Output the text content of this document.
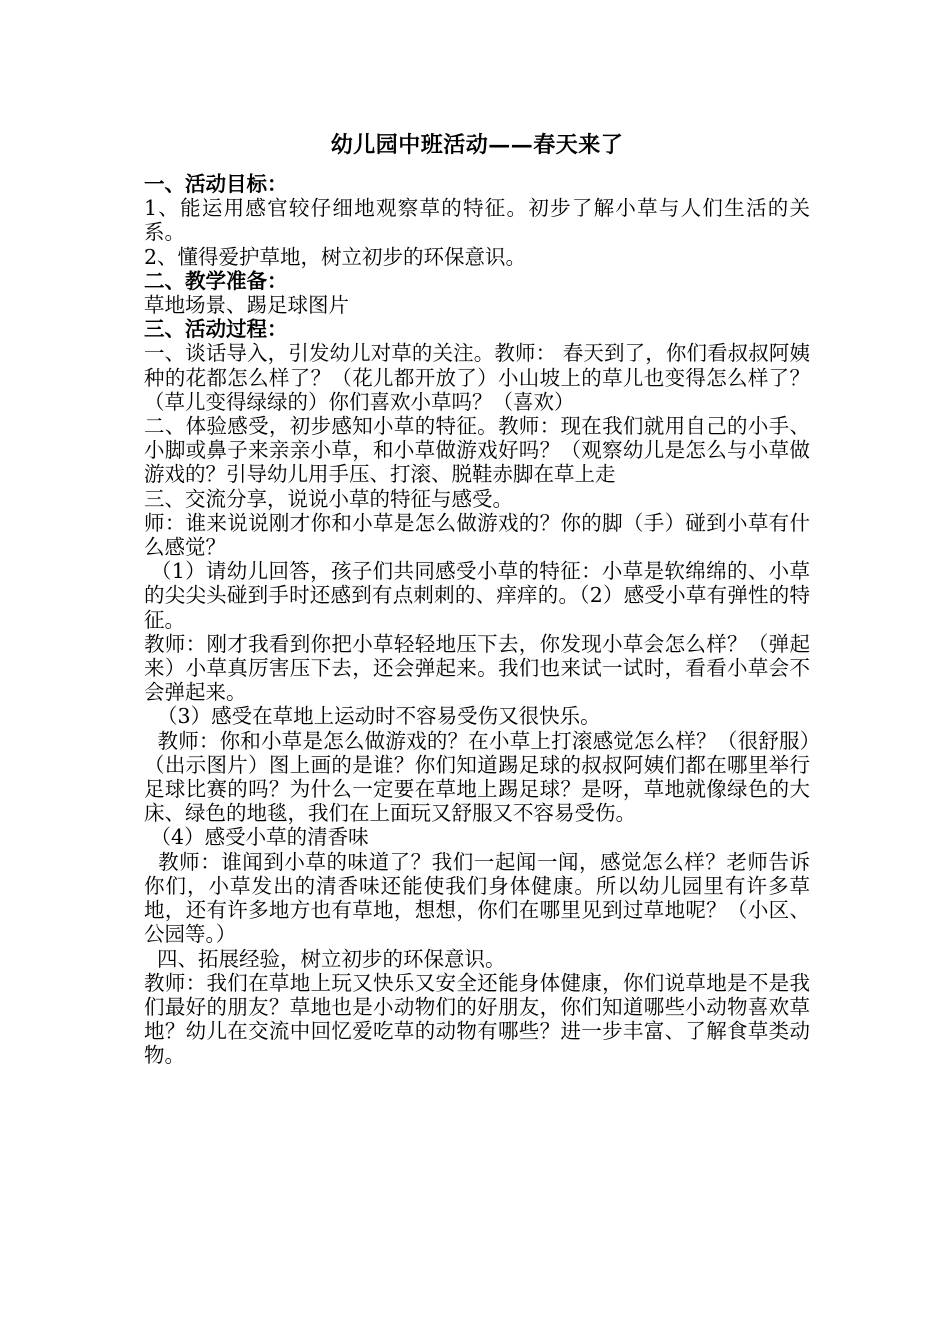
幼儿园中班活动——春天来了
一、活动目标：
1、能运用感官较仔细地观察草的特征。初步了解小草与人们生活的关系。
2、懂得爱护草地，树立初步的环保意识。
二、教学准备：
草地场景、踢足球图片
三、活动过程：
一、谈话导入，引发幼儿对草的关注。教师： 春天到了，你们看叔叔阿姨种的花都怎么样了？（花儿都开放了）小山坡上的草儿也变得怎么样了？（草儿变得绿绿的）你们喜欢小草吗？（喜欢）
二、体验感受，初步感知小草的特征。教师：现在我们就用自己的小手、小脚或鼻子来亲亲小草，和小草做游戏好吗？（观察幼儿是怎么与小草做游戏的？引导幼儿用手压、打滚、脱鞋赤脚在草上走
三、交流分享，说说小草的特征与感受。
师：谁来说说刚才你和小草是怎么做游戏的？你的脚（手）碰到小草有什么感觉？
（1）请幼儿回答，孩子们共同感受小草的特征：小草是软绵绵的、小草的尖尖头碰到手时还感到有点刺刺的、痒痒的。（2）感受小草有弹性的特征。
教师：刚才我看到你把小草轻轻地压下去，你发现小草会怎么样？（弹起来）小草真厉害压下去，还会弹起来。我们也来试一试时，看看小草会不会弹起来。
（3）感受在草地上运动时不容易受伤又很快乐。
教师：你和小草是怎么做游戏的？在小草上打滚感觉怎么样？（很舒服）（出示图片）图上画的是谁？你们知道踢足球的叔叔阿姨们都在哪里举行足球比赛的吗？为什么一定要在草地上踢足球？是呀，草地就像绿色的大床、绿色的地毯，我们在上面玩又舒服又不容易受伤。
（4）感受小草的清香味
教师：谁闻到小草的味道了？我们一起闻一闻，感觉怎么样？老师告诉你们，小草发出的清香味还能使我们身体健康。所以幼儿园里有许多草地，还有许多地方也有草地，想想，你们在哪里见到过草地呢？（小区、公园等。）
四、拓展经验，树立初步的环保意识。
教师：我们在草地上玩又快乐又安全还能身体健康，你们说草地是不是我们最好的朋友？草地也是小动物们的好朋友，你们知道哪些小动物喜欢草地？幼儿在交流中回忆爱吃草的动物有哪些？进一步丰富、了解食草类动物。
